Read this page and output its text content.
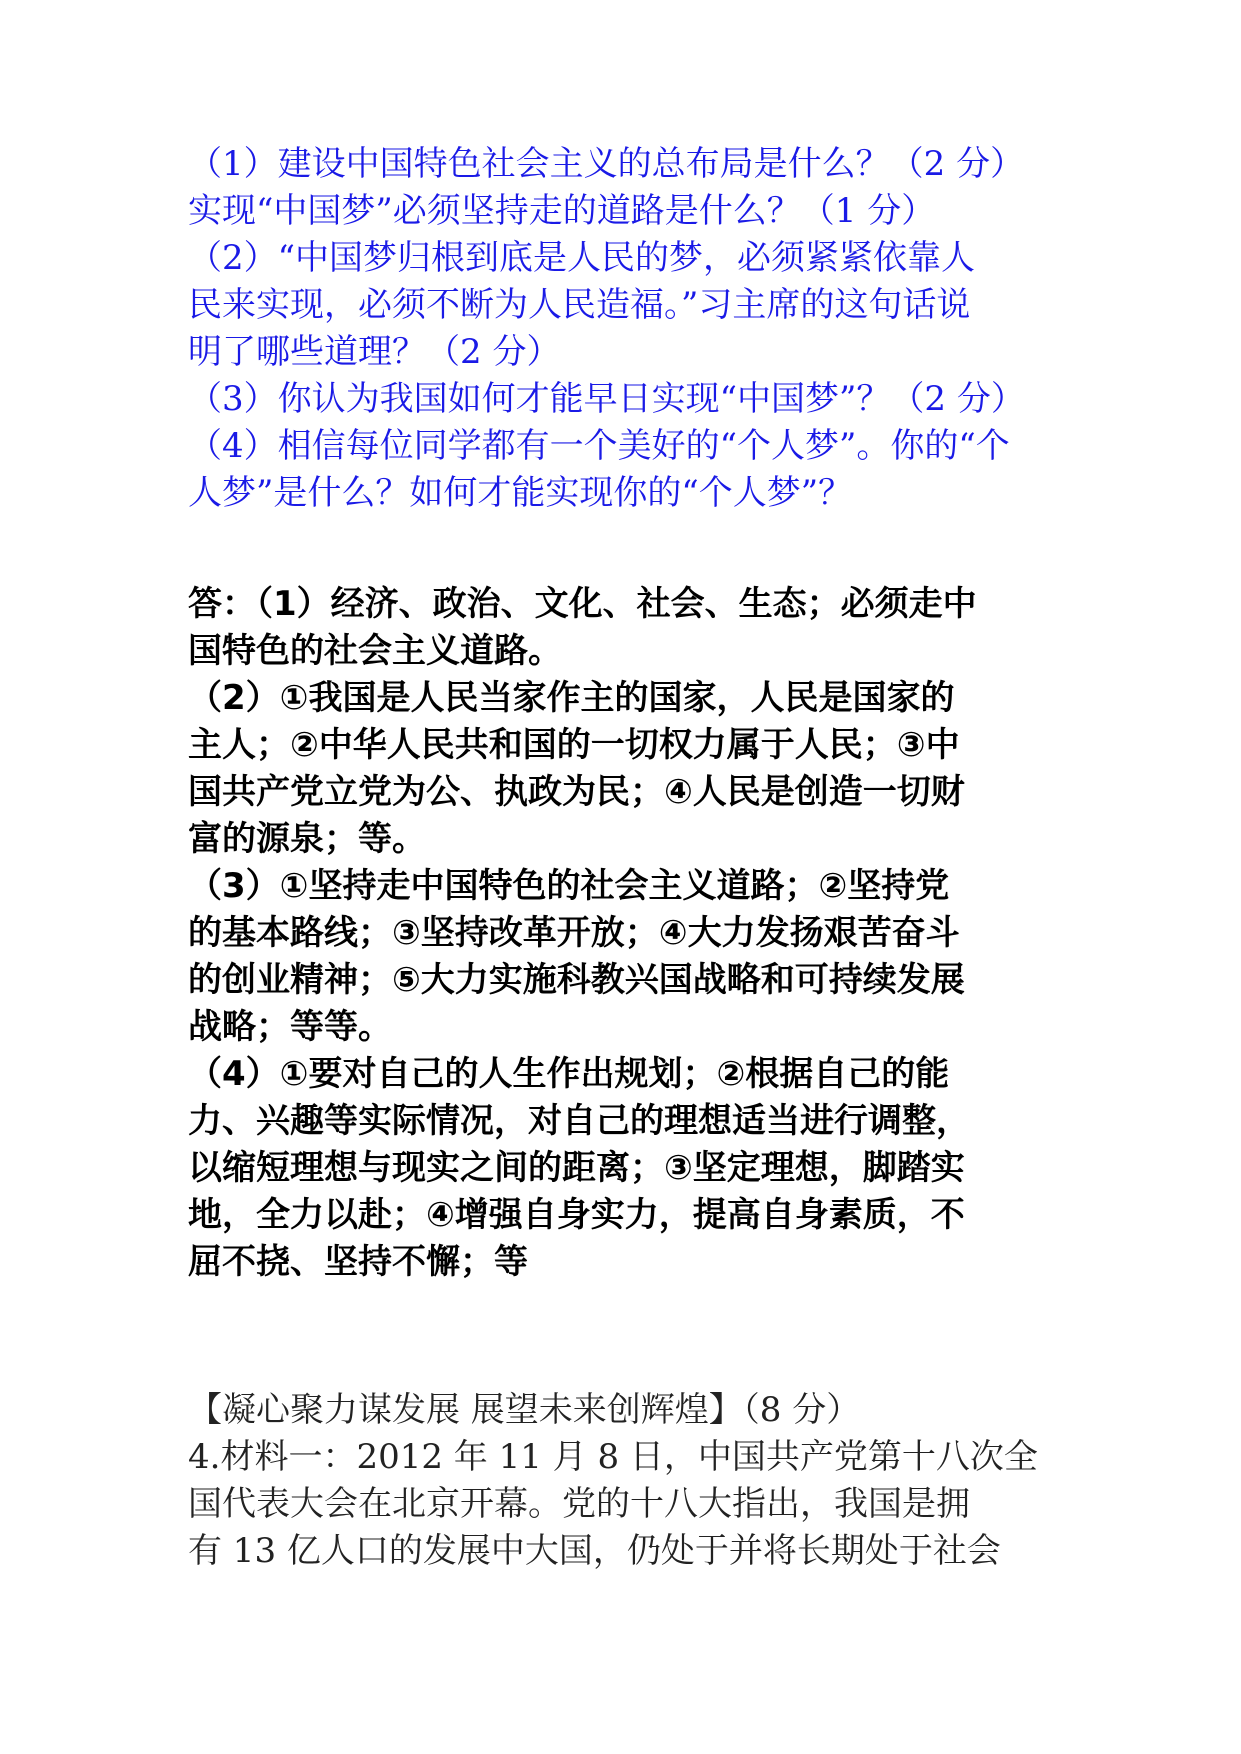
（1）建设中国特色社会主义的总布局是什么？（2 分）
实现“中国梦”必须坚持走的道路是什么？（1 分）
（2）“中国梦归根到底是人民的梦，必须紧紧依靠人
民来实现，必须不断为人民造福。”习主席的这句话说
明了哪些道理？（2 分）
（3）你认为我国如何才能早日实现“中国梦”？（2 分）
（4）相信每位同学都有一个美好的“个人梦”。你的“个
人梦”是什么？如何才能实现你的“个人梦”？
答：（1）经济、政治、文化、社会、生态；必须走中
国特色的社会主义道路。
（2）①我国是人民当家作主的国家，人民是国家的
主人；②中华人民共和国的一切权力属于人民；③中
国共产党立党为公、执政为民；④人民是创造一切财
富的源泉；等。
（3）①坚持走中国特色的社会主义道路；②坚持党
的基本路线；③坚持改革开放；④大力发扬艰苦奋斗
的创业精神；⑤大力实施科教兴国战略和可持续发展
战略；等等。
（4）①要对自己的人生作出规划；②根据自己的能
力、兴趣等实际情况，对自己的理想适当进行调整，
以缩短理想与现实之间的距离；③坚定理想，脚踏实
地，全力以赴；④增强自身实力，提高自身素质，不
屈不挠、坚持不懈；等
【凝心聚力谋发展 展望未来创辉煌】（8 分）
4.材料一：2012 年 11 月 8 日，中国共产党第十八次全
国代表大会在北京开幕。党的十八大指出，我国是拥
有 13 亿人口的发展中大国，仍处于并将长期处于社会
